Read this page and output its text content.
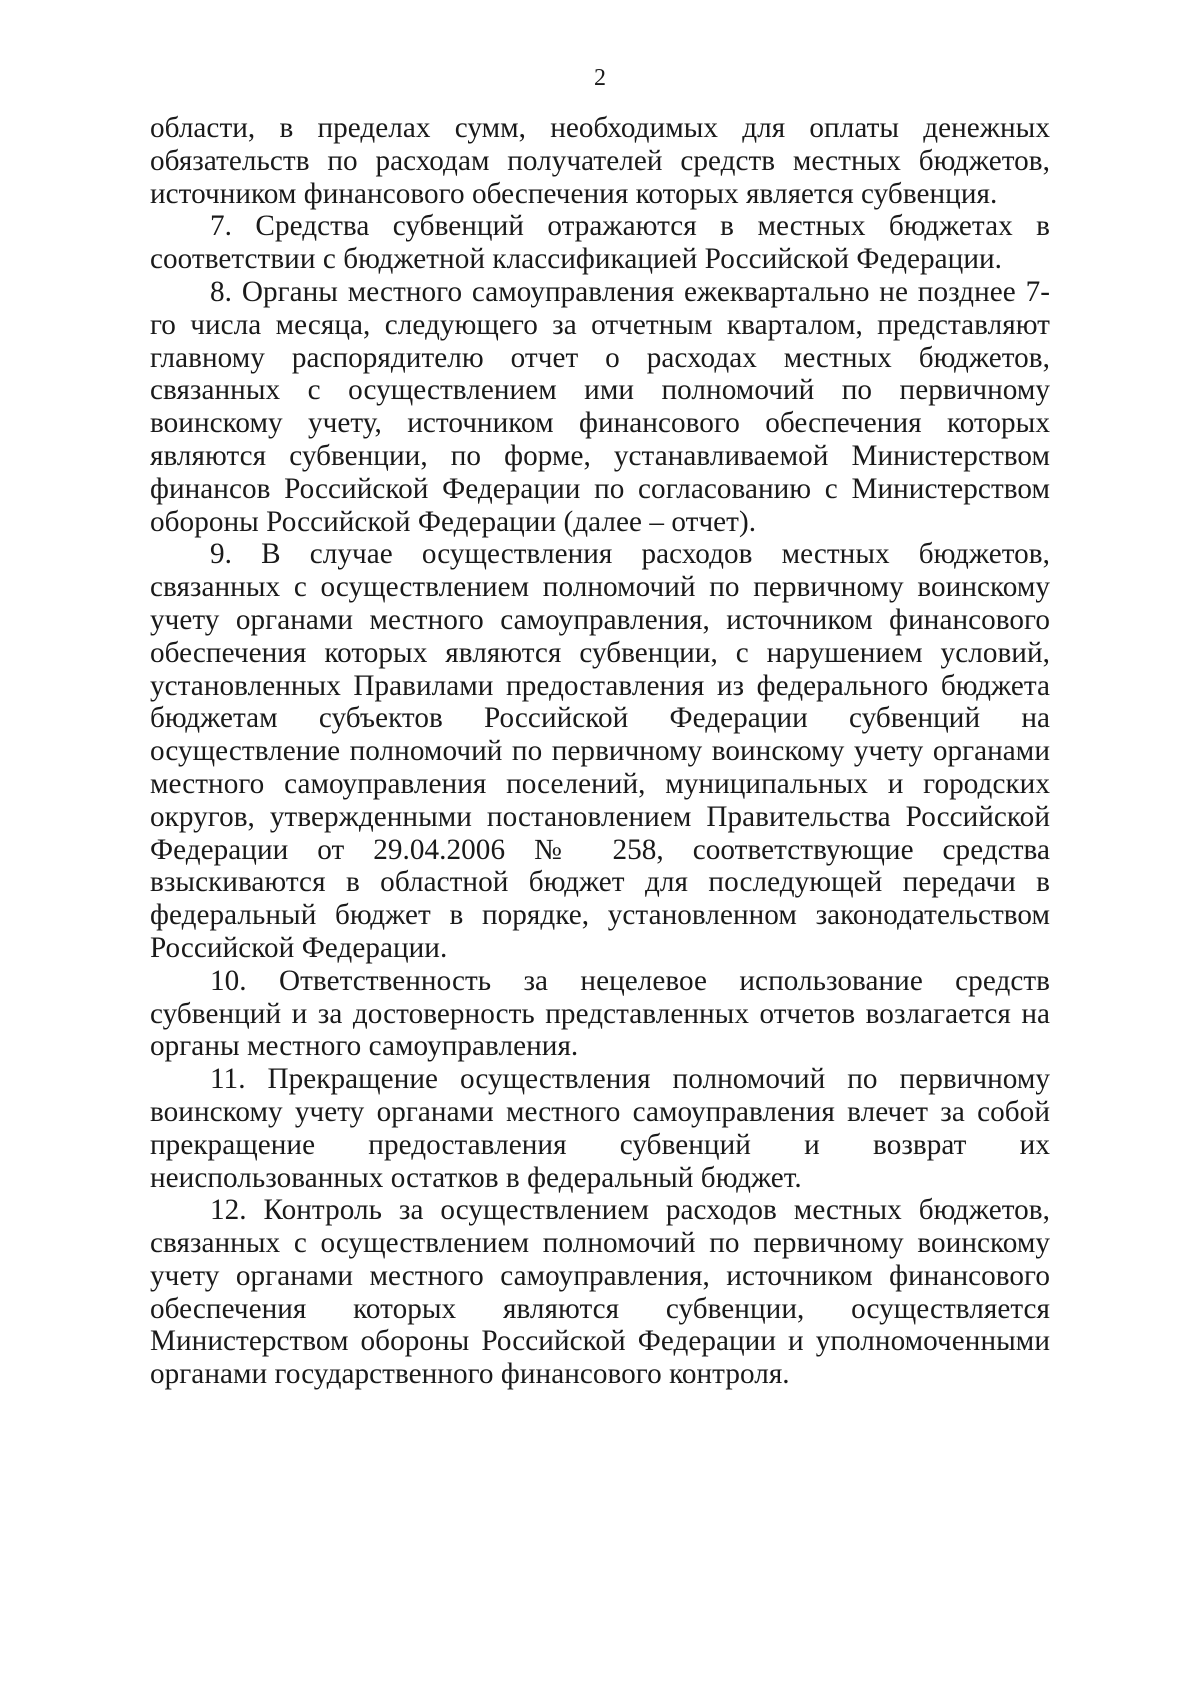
2

области, в пределах сумм, необходимых для оплаты денежных обязательств по расходам получателей средств местных бюджетов, источником финансового обеспечения которых является субвенция.

7. Средства субвенций отражаются в местных бюджетах в соответствии с бюджетной классификацией Российской Федерации.

8. Органы местного самоуправления ежеквартально не позднее 7-го числа месяца, следующего за отчетным кварталом, представляют главному распорядителю отчет о расходах местных бюджетов, связанных с осуществлением ими полномочий по первичному воинскому учету, источником финансового обеспечения которых являются субвенции, по форме, устанавливаемой Министерством финансов Российской Федерации по согласованию с Министерством обороны Российской Федерации (далее – отчет).

9. В случае осуществления расходов местных бюджетов, связанных с осуществлением полномочий по первичному воинскому учету органами местного самоуправления, источником финансового обеспечения которых являются субвенции, с нарушением условий, установленных Правилами предоставления из федерального бюджета бюджетам субъектов Российской Федерации субвенций на осуществление полномочий по первичному воинскому учету органами местного самоуправления поселений, муниципальных и городских округов, утвержденными постановлением Правительства Российской Федерации от 29.04.2006 № 258, соответствующие средства взыскиваются в областной бюджет для последующей передачи в федеральный бюджет в порядке, установленном законодательством Российской Федерации.

10. Ответственность за нецелевое использование средств субвенций и за достоверность представленных отчетов возлагается на органы местного самоуправления.

11. Прекращение осуществления полномочий по первичному воинскому учету органами местного самоуправления влечет за собой прекращение предоставления субвенций и возврат их неиспользованных остатков в федеральный бюджет.

12. Контроль за осуществлением расходов местных бюджетов, связанных с осуществлением полномочий по первичному воинскому учету органами местного самоуправления, источником финансового обеспечения которых являются субвенции, осуществляется Министерством обороны Российской Федерации и уполномоченными органами государственного финансового контроля.
